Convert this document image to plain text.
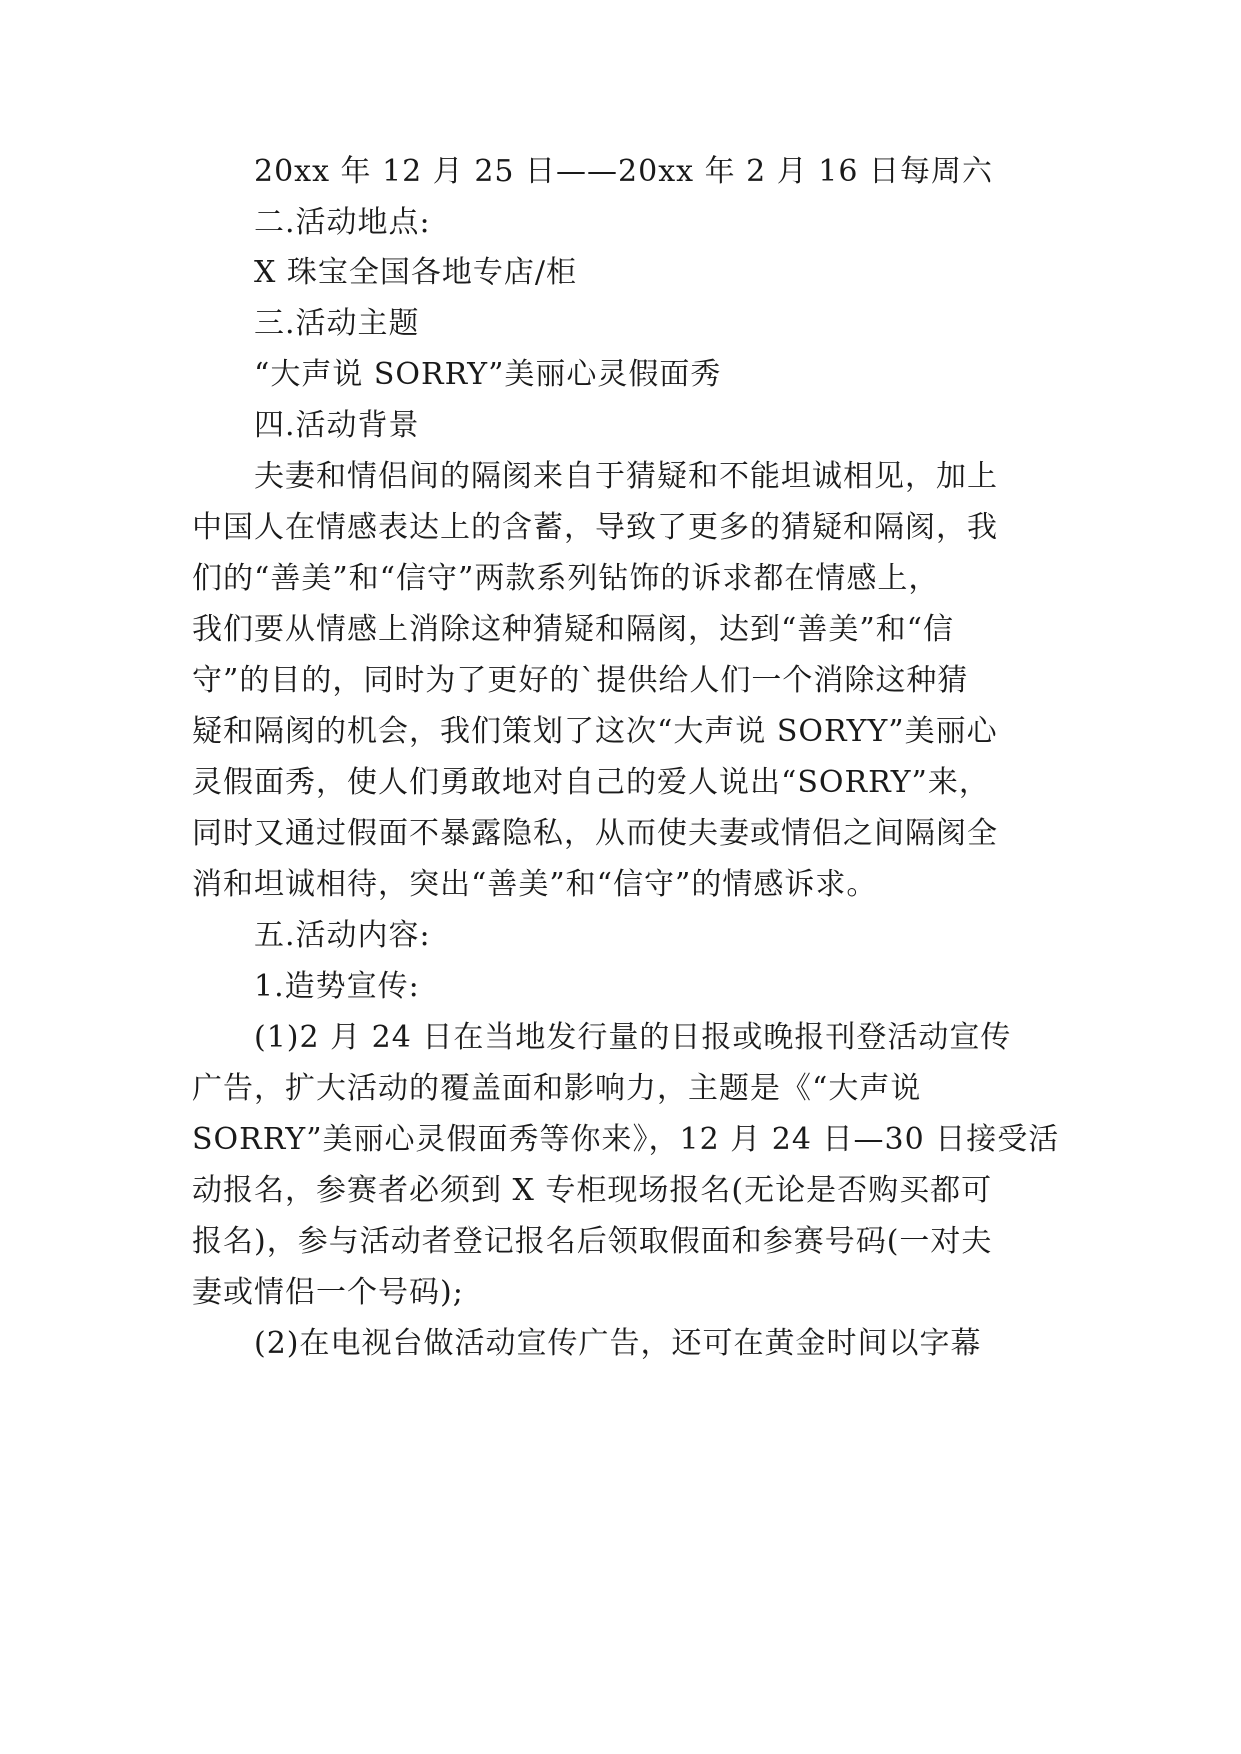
20xx 年 12 月 25 日——20xx 年 2 月 16 日每周六
二.活动地点:
X 珠宝全国各地专店/柜
三.活动主题
“大声说 SORRY”美丽心灵假面秀
四.活动背景
夫妻和情侣间的隔阂来自于猜疑和不能坦诚相见，加上
中国人在情感表达上的含蓄，导致了更多的猜疑和隔阂，我
们的“善美”和“信守”两款系列钻饰的诉求都在情感上，
我们要从情感上消除这种猜疑和隔阂，达到“善美”和“信
守”的目的，同时为了更好的`提供给人们一个消除这种猜
疑和隔阂的机会，我们策划了这次“大声说 SORYY”美丽心
灵假面秀，使人们勇敢地对自己的爱人说出“SORRY”来，
同时又通过假面不暴露隐私，从而使夫妻或情侣之间隔阂全
消和坦诚相待，突出“善美”和“信守”的情感诉求。
五.活动内容:
1.造势宣传:
(1)2 月 24 日在当地发行量的日报或晚报刊登活动宣传
广告，扩大活动的覆盖面和影响力，主题是《“大声说
SORRY”美丽心灵假面秀等你来》，12 月 24 日—30 日接受活
动报名，参赛者必须到 X 专柜现场报名(无论是否购买都可
报名)，参与活动者登记报名后领取假面和参赛号码(一对夫
妻或情侣一个号码);
(2)在电视台做活动宣传广告，还可在黄金时间以字幕
